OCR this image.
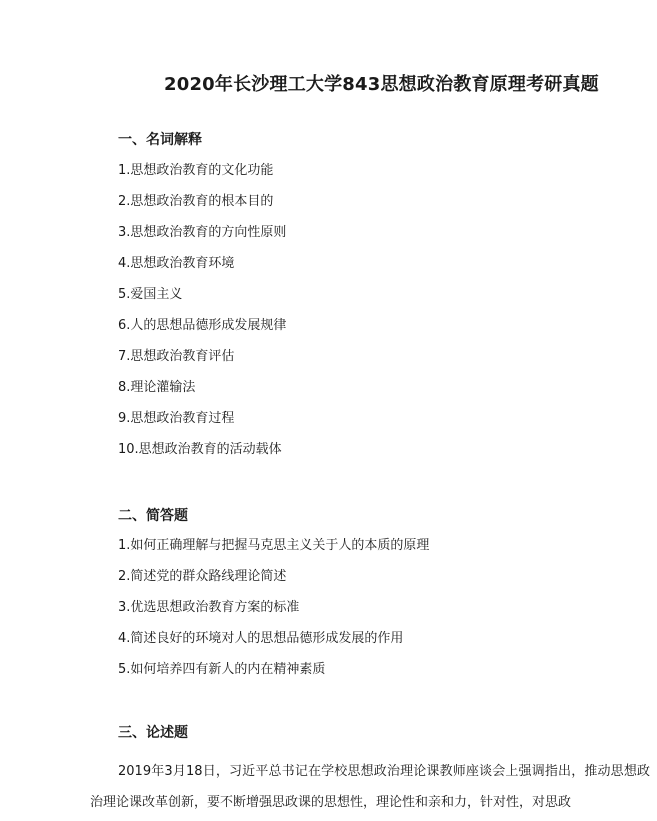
2020年长沙理工大学843思想政治教育原理考研真题
一、名词解释
1.思想政治教育的文化功能
2.思想政治教育的根本目的
3.思想政治教育的方向性原则
4.思想政治教育环境
5.爱国主义
6.人的思想品德形成发展规律
7.思想政治教育评估
8.理论灌输法
9.思想政治教育过程
10.思想政治教育的活动载体
二、简答题
1.如何正确理解与把握马克思主义关于人的本质的原理
2.简述党的群众路线理论简述
3.优选思想政治教育方案的标准
4.简述良好的环境对人的思想品德形成发展的作用
5.如何培养四有新人的内在精神素质
三、论述题
2019年3月18日，习近平总书记在学校思想政治理论课教师座谈会上强调指出，推动思想政治理论课改革创新，要不断增强思政课的思想性，理论性和亲和力，针对性，对思政
